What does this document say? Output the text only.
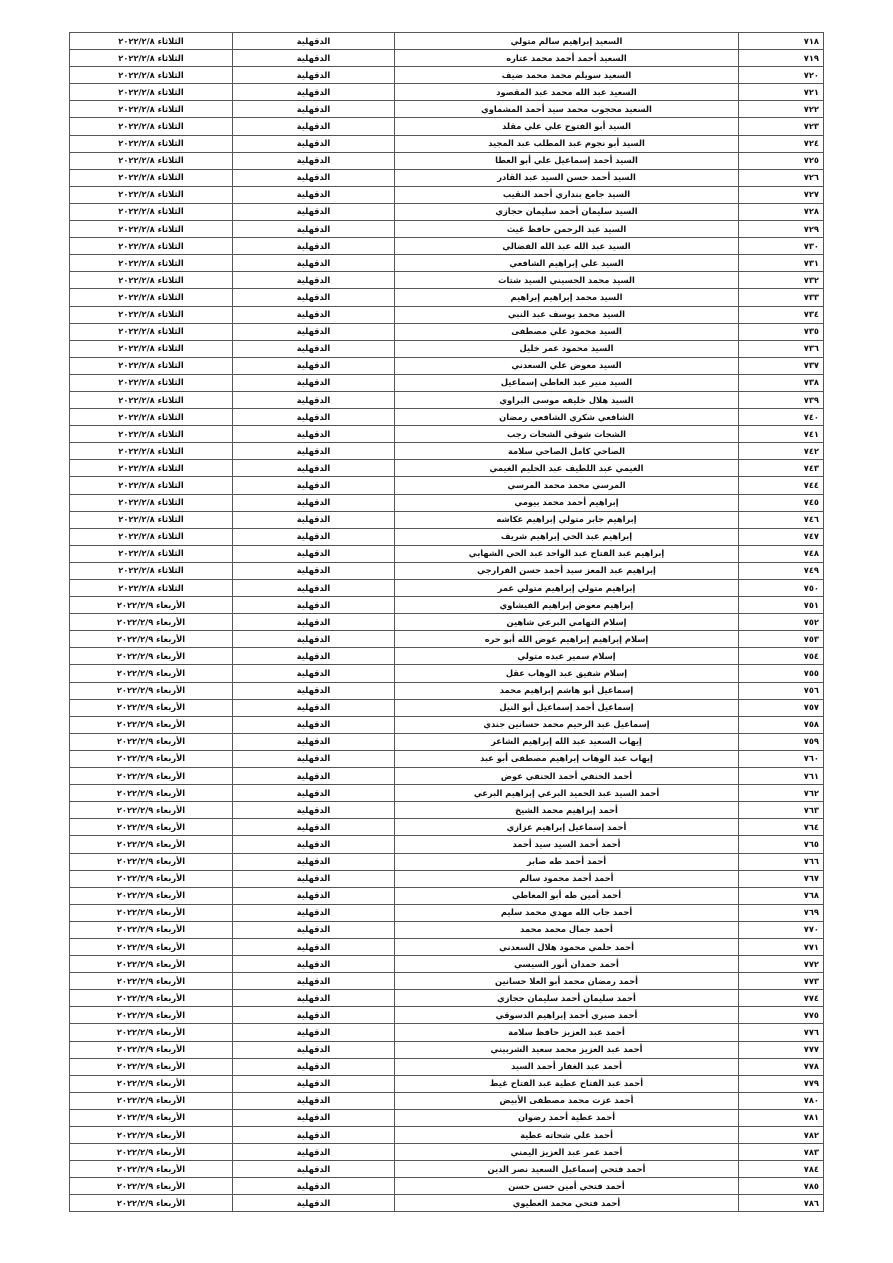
٧١٨	السعيد إبراهيم سالم متولي	الدقهلية	الثلاثاء ٢٠٢٢/٢/٨
٧١٩	السعيد أحمد أحمد محمد عتاره	الدقهلية	الثلاثاء ٢٠٢٢/٢/٨
٧٢٠	السعيد سويلم محمد محمد ضيف	الدقهلية	الثلاثاء ٢٠٢٢/٢/٨
٧٢١	السعيد عبد الله محمد عبد المقصود	الدقهلية	الثلاثاء ٢٠٢٢/٢/٨
٧٢٢	السعيد محجوب محمد سيد أحمد المشماوي	الدقهلية	الثلاثاء ٢٠٢٢/٢/٨
٧٢٣	السيد أبو الفتوح علي علي مقلد	الدقهلية	الثلاثاء ٢٠٢٢/٢/٨
٧٢٤	السيد أبو نجوم عبد المطلب عبد المجيد	الدقهلية	الثلاثاء ٢٠٢٢/٢/٨
٧٢٥	السيد أحمد إسماعيل علي أبو العطا	الدقهلية	الثلاثاء ٢٠٢٢/٢/٨
٧٢٦	السيد أحمد حسن السيد عبد القادر	الدقهلية	الثلاثاء ٢٠٢٢/٢/٨
٧٢٧	السيد جامع بنداري أحمد النقيب	الدقهلية	الثلاثاء ٢٠٢٢/٢/٨
٧٢٨	السيد سليمان أحمد سليمان حجازي	الدقهلية	الثلاثاء ٢٠٢٢/٢/٨
٧٢٩	السيد عبد الرحمن حافظ غيث	الدقهلية	الثلاثاء ٢٠٢٢/٢/٨
٧٣٠	السيد عبد الله عبد الله الفضالي	الدقهلية	الثلاثاء ٢٠٢٢/٢/٨
٧٣١	السيد علي إبراهيم الشافعي	الدقهلية	الثلاثاء ٢٠٢٢/٢/٨
٧٣٢	السيد محمد الحسيني السيد شتات	الدقهلية	الثلاثاء ٢٠٢٢/٢/٨
٧٣٣	السيد محمد إبراهيم إبراهيم	الدقهلية	الثلاثاء ٢٠٢٢/٢/٨
٧٣٤	السيد محمد يوسف عبد النبي	الدقهلية	الثلاثاء ٢٠٢٢/٢/٨
٧٣٥	السيد محمود علي مصطفى	الدقهلية	الثلاثاء ٢٠٢٢/٢/٨
٧٣٦	السيد محمود عمر خليل	الدقهلية	الثلاثاء ٢٠٢٢/٢/٨
٧٣٧	السيد معوض علي السعدني	الدقهلية	الثلاثاء ٢٠٢٢/٢/٨
٧٣٨	السيد منير عبد العاطي إسماعيل	الدقهلية	الثلاثاء ٢٠٢٢/٢/٨
٧٣٩	السيد هلال خليفه موسى البراوي	الدقهلية	الثلاثاء ٢٠٢٢/٢/٨
٧٤٠	الشافعي شكري الشافعي رمضان	الدقهلية	الثلاثاء ٢٠٢٢/٢/٨
٧٤١	الشحات شوقي الشحات رجب	الدقهلية	الثلاثاء ٢٠٢٢/٢/٨
٧٤٢	الصاحي كامل الصاحي سلامة	الدقهلية	الثلاثاء ٢٠٢٢/٢/٨
٧٤٣	الغيمي عبد اللطيف عبد الحليم الغيمي	الدقهلية	الثلاثاء ٢٠٢٢/٢/٨
٧٤٤	المرسي محمد محمد المرسي	الدقهلية	الثلاثاء ٢٠٢٢/٢/٨
٧٤٥	إبراهيم أحمد محمد بيومي	الدقهلية	الثلاثاء ٢٠٢٢/٢/٨
٧٤٦	إبراهيم جابر متولي إبراهيم عكاشه	الدقهلية	الثلاثاء ٢٠٢٢/٢/٨
٧٤٧	إبراهيم عبد الحي إبراهيم شريف	الدقهلية	الثلاثاء ٢٠٢٢/٢/٨
٧٤٨	إبراهيم عبد الفتاح عبد الواحد عبد الحي الشهابي	الدقهلية	الثلاثاء ٢٠٢٢/٢/٨
٧٤٩	إبراهيم عبد المعز سيد أحمد حسن الفرارجي	الدقهلية	الثلاثاء ٢٠٢٢/٢/٨
٧٥٠	إبراهيم متولي إبراهيم متولي عمر	الدقهلية	الثلاثاء ٢٠٢٢/٢/٨
٧٥١	إبراهيم معوض إبراهيم الفيشاوي	الدقهلية	الأربعاء ٢٠٢٢/٢/٩
٧٥٢	إسلام التهامي البرعي شاهين	الدقهلية	الأربعاء ٢٠٢٢/٢/٩
٧٥٣	إسلام إبراهيم إبراهيم عوض الله أبو حره	الدقهلية	الأربعاء ٢٠٢٢/٢/٩
٧٥٤	إسلام سمير عبده متولي	الدقهلية	الأربعاء ٢٠٢٢/٢/٩
٧٥٥	إسلام شفيق عبد الوهاب عقل	الدقهلية	الأربعاء ٢٠٢٢/٢/٩
٧٥٦	إسماعيل أبو هاشم إبراهيم محمد	الدقهلية	الأربعاء ٢٠٢٢/٢/٩
٧٥٧	إسماعيل أحمد إسماعيل أبو النيل	الدقهلية	الأربعاء ٢٠٢٢/٢/٩
٧٥٨	إسماعيل عبد الرحيم محمد حسانين جندي	الدقهلية	الأربعاء ٢٠٢٢/٢/٩
٧٥٩	إيهاب السعيد عبد الله إبراهيم الشاعر	الدقهلية	الأربعاء ٢٠٢٢/٢/٩
٧٦٠	إيهاب عبد الوهاب إبراهيم مصطفى أبو عبد	الدقهلية	الأربعاء ٢٠٢٢/٢/٩
٧٦١	أحمد الحنفي أحمد الحنفي عوض	الدقهلية	الأربعاء ٢٠٢٢/٢/٩
٧٦٢	أحمد السيد عبد الحميد البرعي إبراهيم البرعي	الدقهلية	الأربعاء ٢٠٢٢/٢/٩
٧٦٣	أحمد إبراهيم محمد الشيخ	الدقهلية	الأربعاء ٢٠٢٢/٢/٩
٧٦٤	أحمد إسماعيل إبراهيم عزازي	الدقهلية	الأربعاء ٢٠٢٢/٢/٩
٧٦٥	أحمد أحمد السيد سيد أحمد	الدقهلية	الأربعاء ٢٠٢٢/٢/٩
٧٦٦	أحمد أحمد طه صابر	الدقهلية	الأربعاء ٢٠٢٢/٢/٩
٧٦٧	أحمد أحمد محمود سالم	الدقهلية	الأربعاء ٢٠٢٢/٢/٩
٧٦٨	أحمد أمين طه أبو المعاطي	الدقهلية	الأربعاء ٢٠٢٢/٢/٩
٧٦٩	أحمد جاب الله مهدي محمد سليم	الدقهلية	الأربعاء ٢٠٢٢/٢/٩
٧٧٠	أحمد جمال محمد محمد	الدقهلية	الأربعاء ٢٠٢٢/٢/٩
٧٧١	أحمد حلمي محمود هلال السعدني	الدقهلية	الأربعاء ٢٠٢٢/٢/٩
٧٧٢	أحمد حمدان أنور السيسي	الدقهلية	الأربعاء ٢٠٢٢/٢/٩
٧٧٣	أحمد رمضان محمد أبو العلا حسانين	الدقهلية	الأربعاء ٢٠٢٢/٢/٩
٧٧٤	أحمد سليمان أحمد سليمان حجازي	الدقهلية	الأربعاء ٢٠٢٢/٢/٩
٧٧٥	أحمد صبري أحمد إبراهيم الدسوقي	الدقهلية	الأربعاء ٢٠٢٢/٢/٩
٧٧٦	أحمد عبد العزيز حافظ سلامة	الدقهلية	الأربعاء ٢٠٢٢/٢/٩
٧٧٧	أحمد عبد العزيز محمد سعيد الشربيني	الدقهلية	الأربعاء ٢٠٢٢/٢/٩
٧٧٨	أحمد عبد الغفار أحمد السيد	الدقهلية	الأربعاء ٢٠٢٢/٢/٩
٧٧٩	أحمد عبد الفتاح عطية عبد الفتاح غيط	الدقهلية	الأربعاء ٢٠٢٢/٢/٩
٧٨٠	أحمد عزت محمد مصطفى الأبيض	الدقهلية	الأربعاء ٢٠٢٢/٢/٩
٧٨١	أحمد عطية أحمد رضوان	الدقهلية	الأربعاء ٢٠٢٢/٢/٩
٧٨٢	أحمد علي شحاته عطية	الدقهلية	الأربعاء ٢٠٢٢/٢/٩
٧٨٣	أحمد عمر عبد العزيز اليمني	الدقهلية	الأربعاء ٢٠٢٢/٢/٩
٧٨٤	أحمد فتحي إسماعيل السعيد نصر الدين	الدقهلية	الأربعاء ٢٠٢٢/٢/٩
٧٨٥	أحمد فتحي أمين حسن حسن	الدقهلية	الأربعاء ٢٠٢٢/٢/٩
٧٨٦	أحمد فتحي محمد العطيوي	الدقهلية	الأربعاء ٢٠٢٢/٢/٩
